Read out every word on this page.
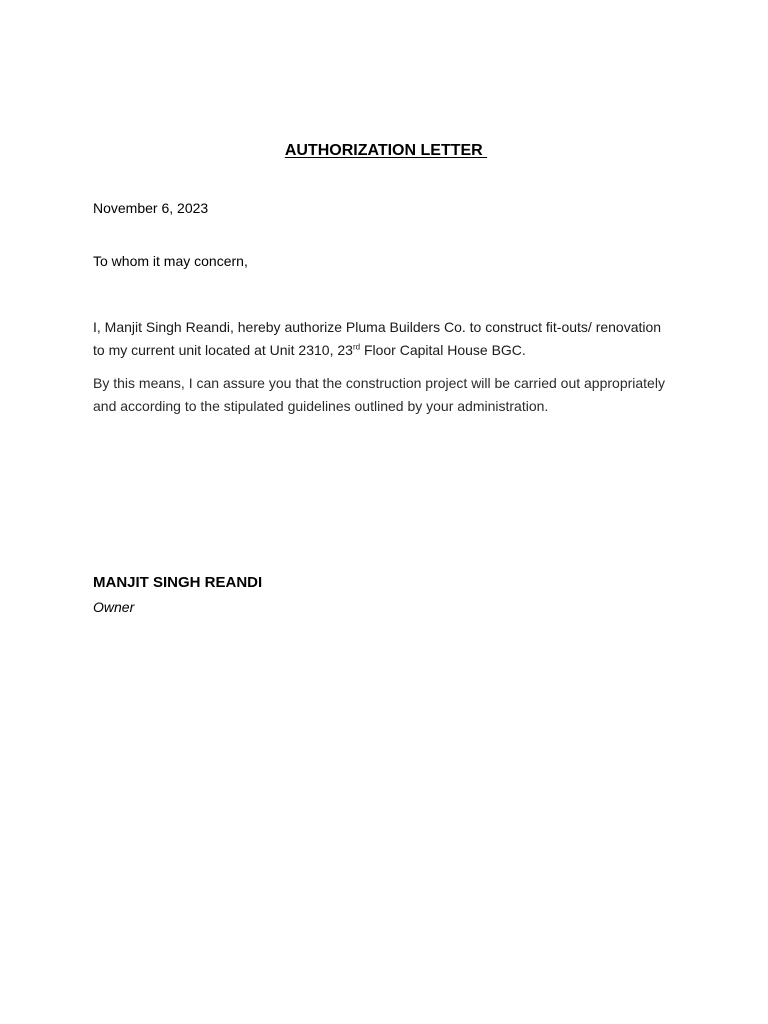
AUTHORIZATION LETTER
November 6, 2023
To whom it may concern,
I, Manjit Singh Reandi, hereby authorize Pluma Builders Co. to construct fit-outs/ renovation
to my current unit located at Unit 2310, 23rd Floor Capital House BGC.
By this means, I can assure you that the construction project will be carried out appropriately
and according to the stipulated guidelines outlined by your administration.
MANJIT SINGH REANDI
Owner
